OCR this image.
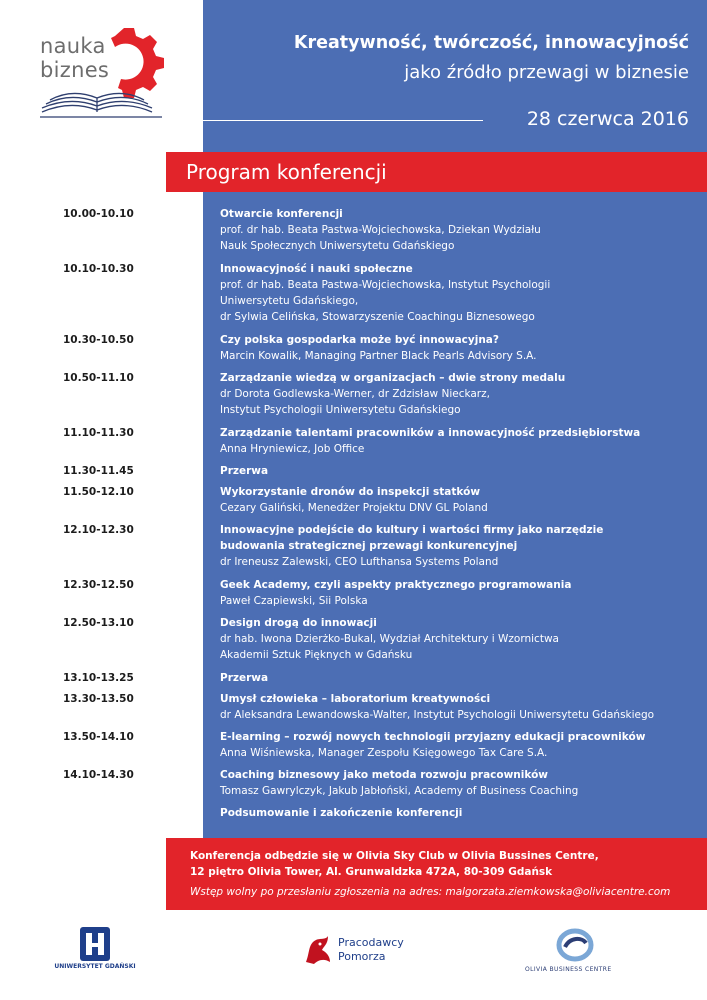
nauka
biznes
Kreatywność, twórczość, innowacyjność
jako źródło przewagi w biznesie
28 czerwca 2016
Program konferencji
10.00-10.10	Otwarcie konferencji
prof. dr hab. Beata Pastwa-Wojciechowska, Dziekan Wydziału
Nauk Społecznych Uniwersytetu Gdańskiego
10.10-10.30	Innowacyjność i nauki społeczne
prof. dr hab. Beata Pastwa-Wojciechowska, Instytut Psychologii
Uniwersytetu Gdańskiego,
dr Sylwia Celińska, Stowarzyszenie Coachingu Biznesowego
10.30-10.50	Czy polska gospodarka może być innowacyjna?
Marcin Kowalik, Managing Partner Black Pearls Advisory S.A.
10.50-11.10	Zarządzanie wiedzą w organizacjach – dwie strony medalu
dr Dorota Godlewska-Werner, dr Zdzisław Nieckarz,
Instytut Psychologii Uniwersytetu Gdańskiego
11.10-11.30	Zarządzanie talentami pracowników a innowacyjność przedsiębiorstwa
Anna Hryniewicz, Job Office
11.30-11.45	Przerwa
11.50-12.10	Wykorzystanie dronów do inspekcji statków
Cezary Galiński, Menedżer Projektu DNV GL Poland
12.10-12.30	Innowacyjne podejście do kultury i wartości firmy jako narzędzie
budowania strategicznej przewagi konkurencyjnej
dr Ireneusz Zalewski, CEO Lufthansa Systems Poland
12.30-12.50	Geek Academy, czyli aspekty praktycznego programowania
Paweł Czapiewski, Sii Polska
12.50-13.10	Design drogą do innowacji
dr hab. Iwona Dzierżko-Bukal, Wydział Architektury i Wzornictwa
Akademii Sztuk Pięknych w Gdańsku
13.10-13.25	Przerwa
13.30-13.50	Umysł człowieka – laboratorium kreatywności
dr Aleksandra Lewandowska-Walter, Instytut Psychologii Uniwersytetu Gdańskiego
13.50-14.10	E-learning – rozwój nowych technologii przyjazny edukacji pracowników
Anna Wiśniewska, Manager Zespołu Księgowego Tax Care S.A.
14.10-14.30	Coaching biznesowy jako metoda rozwoju pracowników
Tomasz Gawrylczyk, Jakub Jabłoński, Academy of Business Coaching
Podsumowanie i zakończenie konferencji
Konferencja odbędzie się w Olivia Sky Club w Olivia Bussines Centre,
12 piętro Olivia Tower, Al. Grunwaldzka 472A, 80-309 Gdańsk
Wstęp wolny po przesłaniu zgłoszenia na adres: malgorzata.ziemkowska@oliviacentre.com
UNIWERSYTET GDAŃSKI
Pracodawcy
Pomorza
OLIVIA BUSINESS CENTRE
